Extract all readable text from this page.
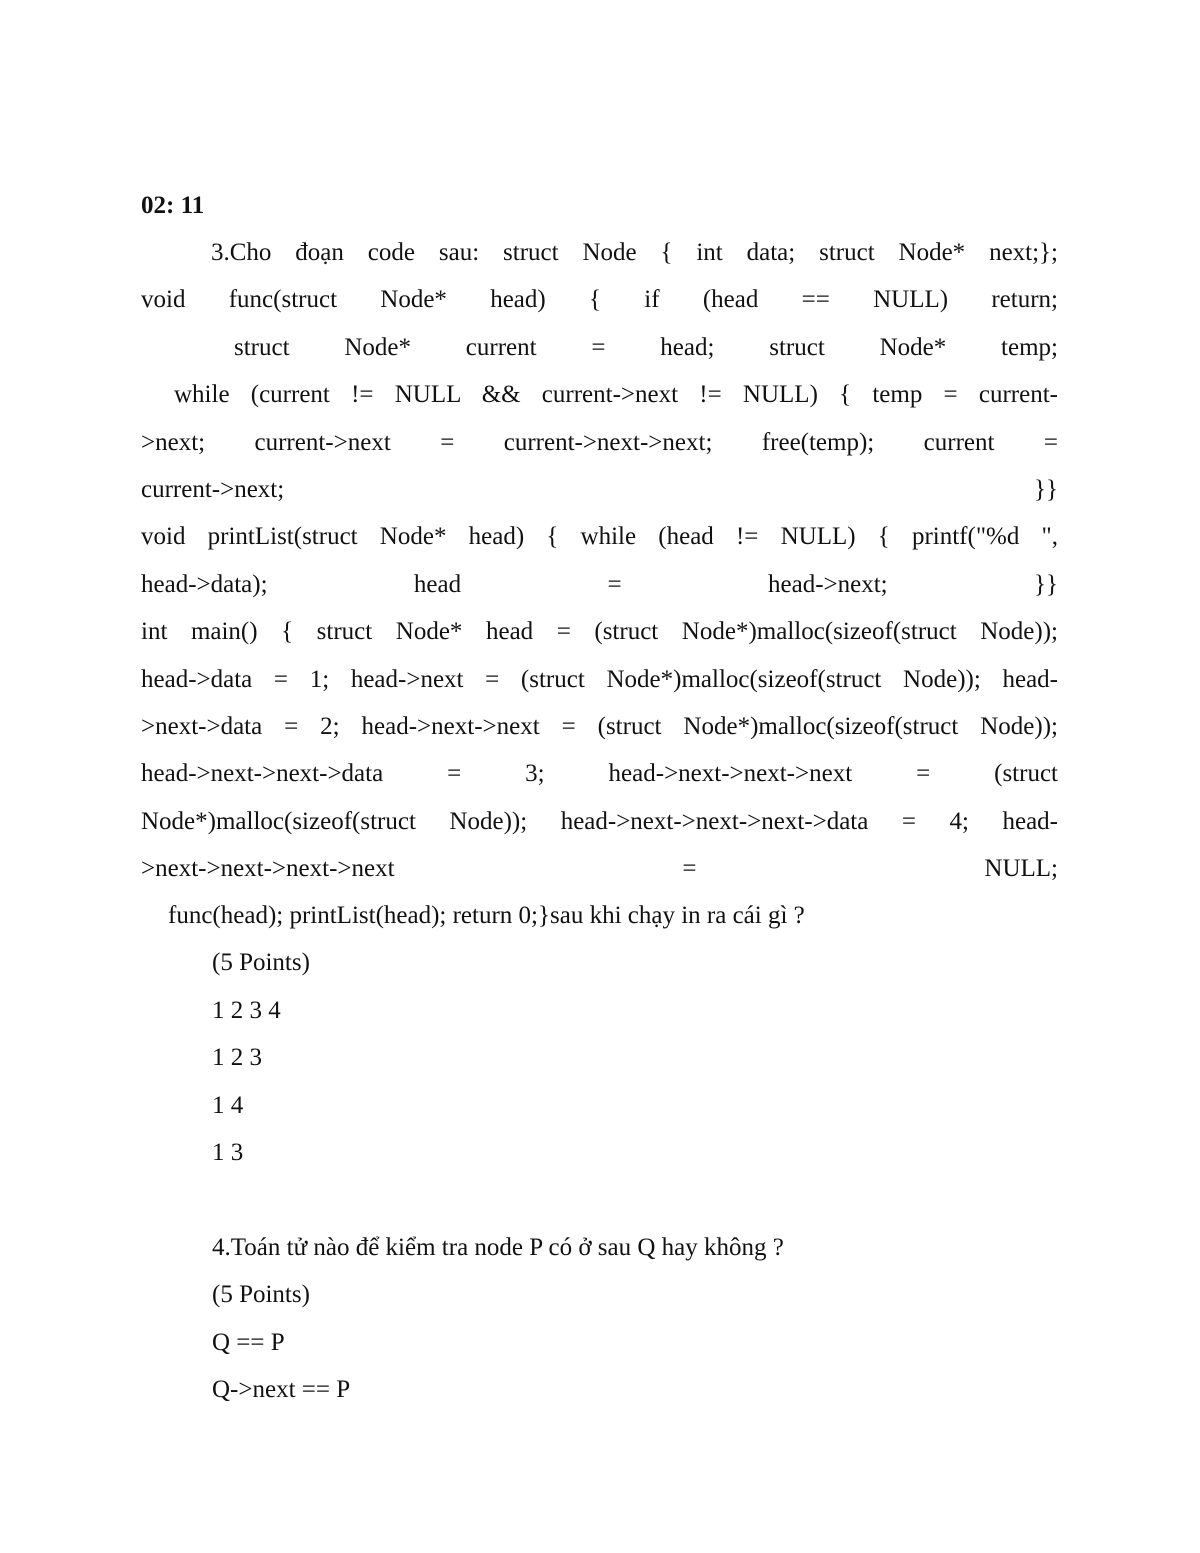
02: 11
3.Cho đoạn code sau: struct Node { int data; struct Node* next;};
void func(struct Node* head) { if (head == NULL) return;
struct Node* current = head; struct Node* temp;
while (current != NULL && current->next != NULL) { temp = current-
>next; current->next = current->next->next; free(temp); current =
current->next;	}}
void printList(struct Node* head) { while (head != NULL) { printf("%d ",
head->data); head = head->next; }}
int main() { struct Node* head = (struct Node*)malloc(sizeof(struct Node));
head->data = 1; head->next = (struct Node*)malloc(sizeof(struct Node)); head-
>next->data = 2; head->next->next = (struct Node*)malloc(sizeof(struct Node));
head->next->next->data = 3; head->next->next->next = (struct
Node*)malloc(sizeof(struct Node)); head->next->next->next->data = 4; head-
>next->next->next->next = NULL;
func(head); printList(head); return 0;}sau khi chạy in ra cái gì ?
(5 Points)
1 2 3 4
1 2 3
1 4
1 3
4.Toán tử nào để kiểm tra node P có ở sau Q hay không ?
(5 Points)
Q == P
Q->next == P
